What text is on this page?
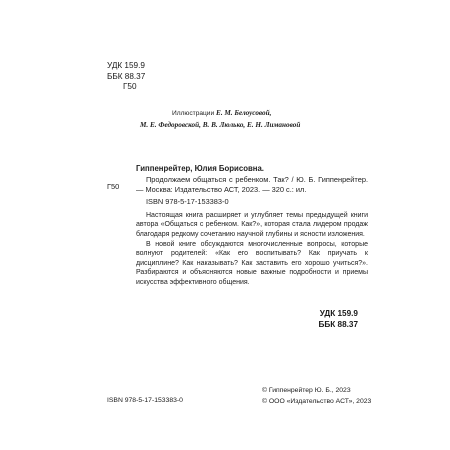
УДК 159.9
ББК 88.37
Г50
Иллюстрации Е. М. Белоусовой,
М. Е. Федоровской, В. В. Люлько, Е. Н. Лимановой
Г50
Гиппенрейтер, Юлия Борисовна.
Продолжаем общаться с ребенком. Так? / Ю. Б. Гиппенрейтер. — Москва: Издательство АСТ, 2023. — 320 с.: ил.
ISBN 978-5-17-153383-0
Настоящая книга расширяет и углубляет темы предыдущей книги автора «Общаться с ребенком. Как?», которая стала лидером продаж благодаря редкому сочетанию научной глубины и ясности изложения.
В новой книге обсуждаются многочисленные вопросы, которые волнуют родителей: «Как его воспитывать? Как приучать к дисциплине? Как наказывать? Как заставить его хорошо учиться?». Разбираются и объясняются новые важные подробности и приемы искусства эффективного общения.
УДК 159.9
ББК 88.37
ISBN 978-5-17-153383-0
© Гиппенрейтер Ю. Б., 2023
© ООО «Издательство АСТ», 2023
